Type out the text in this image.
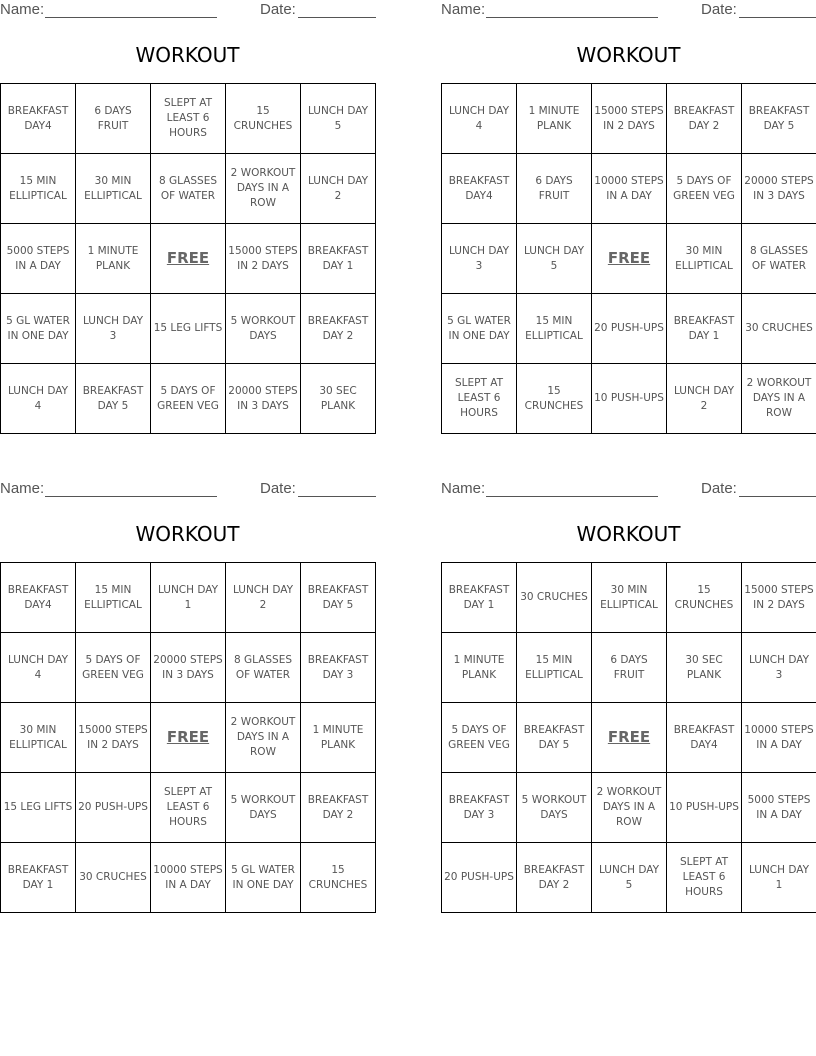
Name:	Date:
WORKOUT
BREAKFAST DAY4	6 DAYS FRUIT	SLEPT AT LEAST 6 HOURS	15 CRUNCHES	LUNCH DAY 5
15 MIN ELLIPTICAL	30 MIN ELLIPTICAL	8 GLASSES OF WATER	2 WORKOUT DAYS IN A ROW	LUNCH DAY 2
5000 STEPS IN A DAY	1 MINUTE PLANK	FREE	15000 STEPS IN 2 DAYS	BREAKFAST DAY 1
5 GL WATER IN ONE DAY	LUNCH DAY 3	15 LEG LIFTS	5 WORKOUT DAYS	BREAKFAST DAY 2
LUNCH DAY 4	BREAKFAST DAY 5	5 DAYS OF GREEN VEG	20000 STEPS IN 3 DAYS	30 SEC PLANK
Name:	Date:
WORKOUT
LUNCH DAY 4	1 MINUTE PLANK	15000 STEPS IN 2 DAYS	BREAKFAST DAY 2	BREAKFAST DAY 5
BREAKFAST DAY4	6 DAYS FRUIT	10000 STEPS IN A DAY	5 DAYS OF GREEN VEG	20000 STEPS IN 3 DAYS
LUNCH DAY 3	LUNCH DAY 5	FREE	30 MIN ELLIPTICAL	8 GLASSES OF WATER
5 GL WATER IN ONE DAY	15 MIN ELLIPTICAL	20 PUSH-UPS	BREAKFAST DAY 1	30 CRUCHES
SLEPT AT LEAST 6 HOURS	15 CRUNCHES	10 PUSH-UPS	LUNCH DAY 2	2 WORKOUT DAYS IN A ROW
Name:	Date:
WORKOUT
BREAKFAST DAY4	15 MIN ELLIPTICAL	LUNCH DAY 1	LUNCH DAY 2	BREAKFAST DAY 5
LUNCH DAY 4	5 DAYS OF GREEN VEG	20000 STEPS IN 3 DAYS	8 GLASSES OF WATER	BREAKFAST DAY 3
30 MIN ELLIPTICAL	15000 STEPS IN 2 DAYS	FREE	2 WORKOUT DAYS IN A ROW	1 MINUTE PLANK
15 LEG LIFTS	20 PUSH-UPS	SLEPT AT LEAST 6 HOURS	5 WORKOUT DAYS	BREAKFAST DAY 2
BREAKFAST DAY 1	30 CRUCHES	10000 STEPS IN A DAY	5 GL WATER IN ONE DAY	15 CRUNCHES
Name:	Date:
WORKOUT
BREAKFAST DAY 1	30 CRUCHES	30 MIN ELLIPTICAL	15 CRUNCHES	15000 STEPS IN 2 DAYS
1 MINUTE PLANK	15 MIN ELLIPTICAL	6 DAYS FRUIT	30 SEC PLANK	LUNCH DAY 3
5 DAYS OF GREEN VEG	BREAKFAST DAY 5	FREE	BREAKFAST DAY4	10000 STEPS IN A DAY
BREAKFAST DAY 3	5 WORKOUT DAYS	2 WORKOUT DAYS IN A ROW	10 PUSH-UPS	5000 STEPS IN A DAY
20 PUSH-UPS	BREAKFAST DAY 2	LUNCH DAY 5	SLEPT AT LEAST 6 HOURS	LUNCH DAY 1
